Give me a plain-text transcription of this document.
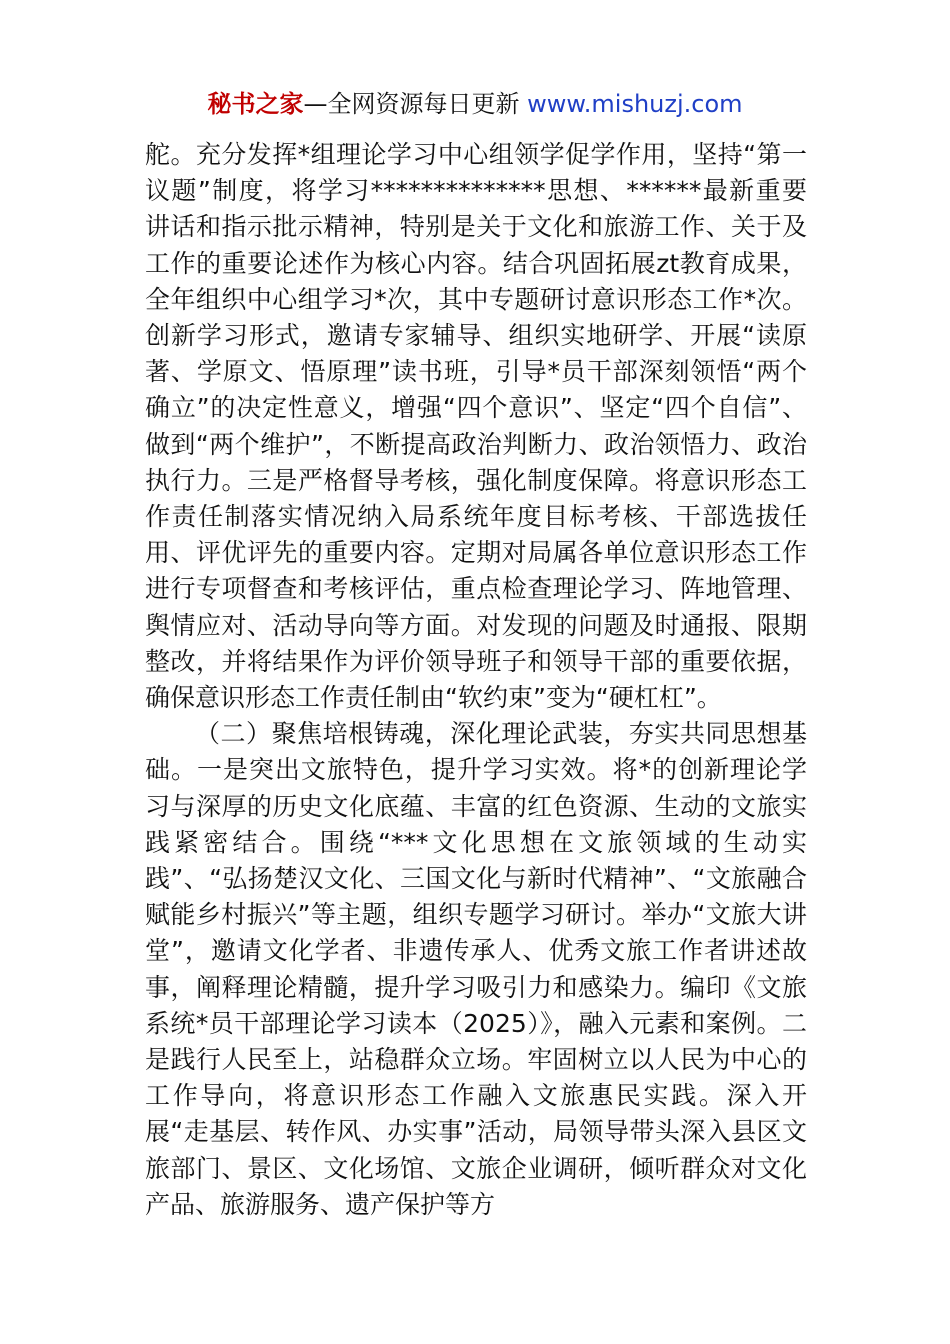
秘书之家—全网资源每日更新 www.mishuzj.com

舵。充分发挥*组理论学习中心组领学促学作用，坚持“第一议题”制度，将学习**************思想、******最新重要讲话和指示批示精神，特别是关于文化和旅游工作、关于及工作的重要论述作为核心内容。结合巩固拓展zt教育成果，全年组织中心组学习*次，其中专题研讨意识形态工作*次。创新学习形式，邀请专家辅导、组织实地研学、开展“读原著、学原文、悟原理”读书班，引导*员干部深刻领悟“两个确立”的决定性意义，增强“四个意识”、坚定“四个自信”、做到“两个维护”，不断提高政治判断力、政治领悟力、政治执行力。三是严格督导考核，强化制度保障。将意识形态工作责任制落实情况纳入局系统年度目标考核、干部选拔任用、评优评先的重要内容。定期对局属各单位意识形态工作进行专项督查和考核评估，重点检查理论学习、阵地管理、舆情应对、活动导向等方面。对发现的问题及时通报、限期整改，并将结果作为评价领导班子和领导干部的重要依据，确保意识形态工作责任制由“软约束”变为“硬杠杠”。

（二）聚焦培根铸魂，深化理论武装，夯实共同思想基础。一是突出文旅特色，提升学习实效。将*的创新理论学习与深厚的历史文化底蕴、丰富的红色资源、生动的文旅实践紧密结合。围绕“***文化思想在文旅领域的生动实践”、“弘扬楚汉文化、三国文化与新时代精神”、“文旅融合赋能乡村振兴”等主题，组织专题学习研讨。举办“文旅大讲堂”，邀请文化学者、非遗传承人、优秀文旅工作者讲述故事，阐释理论精髓，提升学习吸引力和感染力。编印《文旅系统*员干部理论学习读本（2025）》，融入元素和案例。二是践行人民至上，站稳群众立场。牢固树立以人民为中心的工作导向，将意识形态工作融入文旅惠民实践。深入开展“走基层、转作风、办实事”活动，局领导带头深入县区文旅部门、景区、文化场馆、文旅企业调研，倾听群众对文化产品、旅游服务、遗产保护等方
